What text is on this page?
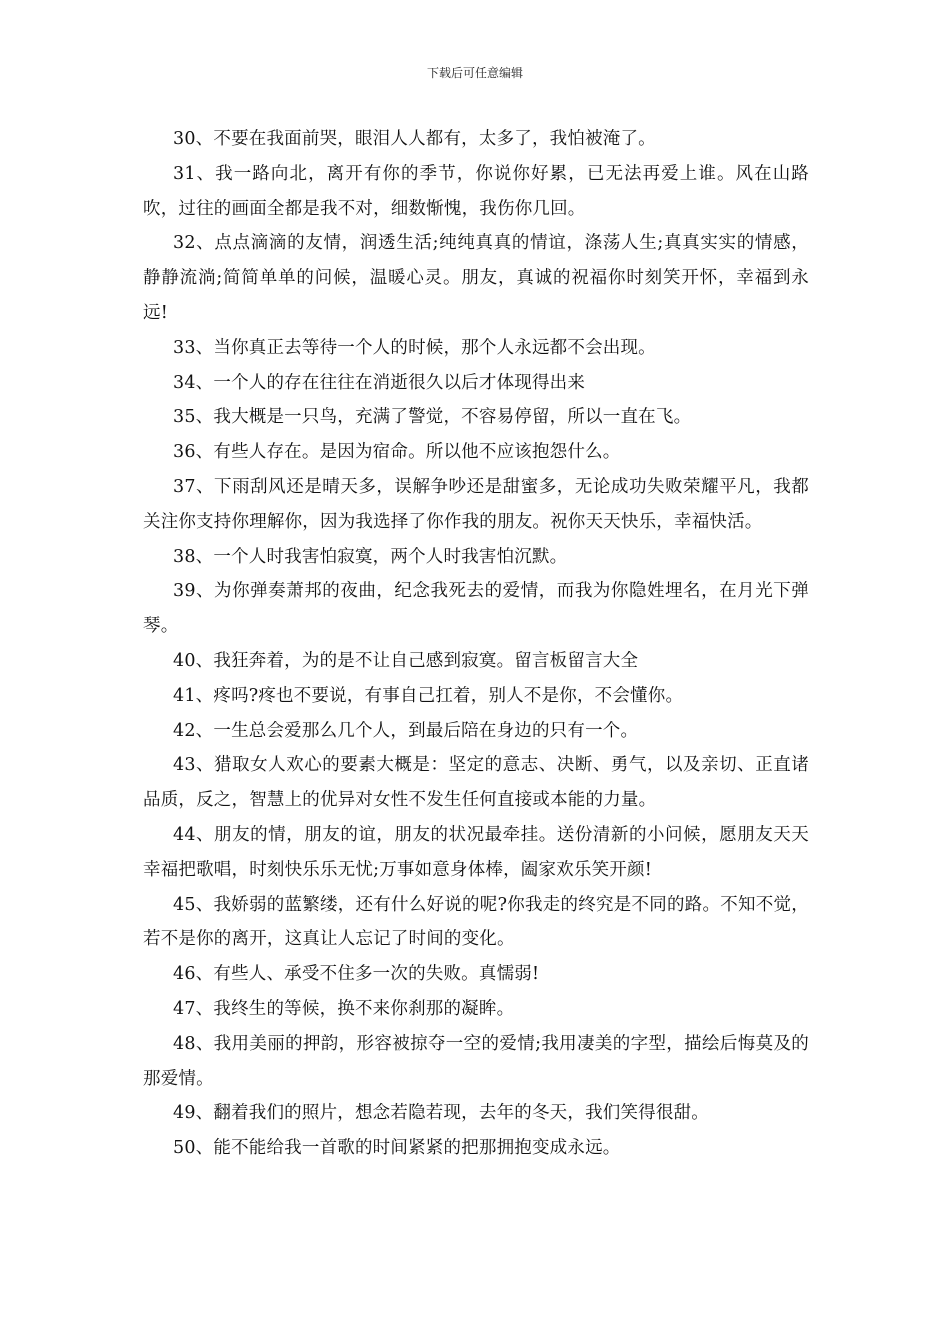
下载后可任意编辑

30、不要在我面前哭，眼泪人人都有，太多了，我怕被淹了。

31、我一路向北，离开有你的季节，你说你好累，已无法再爱上谁。风在山路吹，过往的画面全都是我不对，细数惭愧，我伤你几回。

32、点点滴滴的友情，润透生活;纯纯真真的情谊，涤荡人生;真真实实的情感，静静流淌;简简单单的问候，温暖心灵。朋友，真诚的祝福你时刻笑开怀，幸福到永远!

33、当你真正去等待一个人的时候，那个人永远都不会出现。

34、一个人的存在往往在消逝很久以后才体现得出来

35、我大概是一只鸟，充满了警觉，不容易停留，所以一直在飞。

36、有些人存在。是因为宿命。所以他不应该抱怨什么。

37、下雨刮风还是晴天多，误解争吵还是甜蜜多，无论成功失败荣耀平凡，我都关注你支持你理解你，因为我选择了你作我的朋友。祝你天天快乐，幸福快活。

38、一个人时我害怕寂寞，两个人时我害怕沉默。

39、为你弹奏萧邦的夜曲，纪念我死去的爱情，而我为你隐姓埋名，在月光下弹琴。

40、我狂奔着，为的是不让自己感到寂寞。留言板留言大全

41、疼吗?疼也不要说，有事自己扛着，别人不是你，不会懂你。

42、一生总会爱那么几个人，到最后陪在身边的只有一个。

43、猎取女人欢心的要素大概是：坚定的意志、决断、勇气，以及亲切、正直诸品质，反之，智慧上的优异对女性不发生任何直接或本能的力量。

44、朋友的情，朋友的谊，朋友的状况最牵挂。送份清新的小问候，愿朋友天天幸福把歌唱，时刻快乐乐无忧;万事如意身体棒，阖家欢乐笑开颜!

45、我娇弱的蓝繁缕，还有什么好说的呢?你我走的终究是不同的路。不知不觉，若不是你的离开，这真让人忘记了时间的变化。

46、有些人、承受不住多一次的失败。真懦弱!

47、我终生的等候，换不来你刹那的凝眸。

48、我用美丽的押韵，形容被掠夺一空的爱情;我用凄美的字型，描绘后悔莫及的那爱情。

49、翻着我们的照片，想念若隐若现，去年的冬天，我们笑得很甜。

50、能不能给我一首歌的时间紧紧的把那拥抱变成永远。
